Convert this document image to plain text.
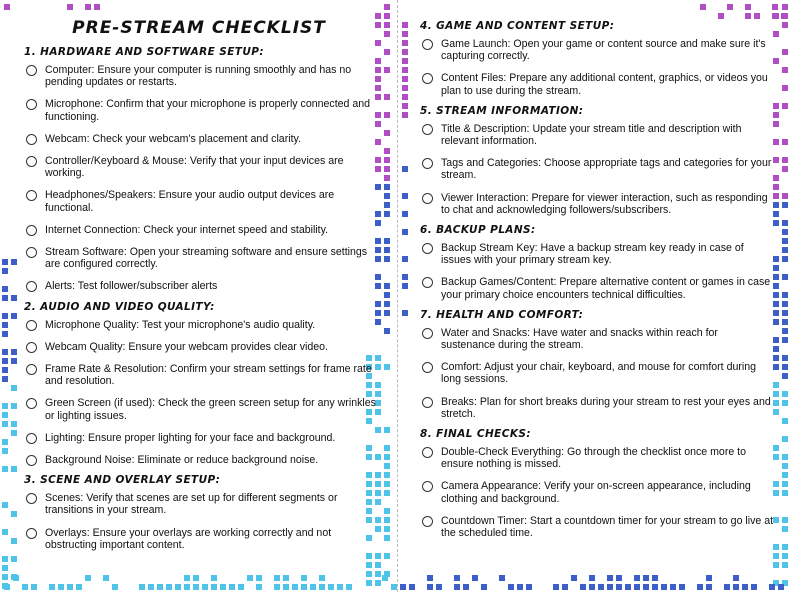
PRE-STREAM CHECKLIST
1. HARDWARE AND SOFTWARE SETUP:
Computer: Ensure your computer is running smoothly and has no pending updates or restarts.
Microphone: Confirm that your microphone is properly connected and functioning.
Webcam: Check your webcam's placement and clarity.
Controller/Keyboard & Mouse: Verify that your input devices are working.
Headphones/Speakers: Ensure your audio output devices are functional.
Internet Connection: Check your internet speed and stability.
Stream Software: Open your streaming software and ensure settings are configured correctly.
Alerts: Test follower/subscriber alerts
2. AUDIO AND VIDEO QUALITY:
Microphone Quality: Test your microphone's audio quality.
Webcam Quality: Ensure your webcam provides clear video.
Frame Rate & Resolution: Confirm your stream settings for frame rate and resolution.
Green Screen (if used): Check the green screen setup for any wrinkles or lighting issues.
Lighting: Ensure proper lighting for your face and background.
Background Noise: Eliminate or reduce background noise.
3. SCENE AND OVERLAY SETUP:
Scenes: Verify that scenes are set up for different segments or transitions in your stream.
Overlays: Ensure your overlays are working correctly and not obstructing important content.
4. GAME AND CONTENT SETUP:
Game Launch: Open your game or content source and make sure it's capturing correctly.
Content Files: Prepare any additional content, graphics, or videos you plan to use during the stream.
5. STREAM INFORMATION:
Title & Description: Update your stream title and description with relevant information.
Tags and Categories: Choose appropriate tags and categories for your stream.
Viewer Interaction: Prepare for viewer interaction, such as responding to chat and acknowledging followers/subscribers.
6. BACKUP PLANS:
Backup Stream Key: Have a backup stream key ready in case of issues with your primary stream key.
Backup Games/Content: Prepare alternative content or games in case your primary choice encounters technical difficulties.
7. HEALTH AND COMFORT:
Water and Snacks: Have water and snacks within reach for sustenance during the stream.
Comfort: Adjust your chair, keyboard, and mouse for comfort during long sessions.
Breaks: Plan for short breaks during your stream to rest your eyes and stretch.
8. FINAL CHECKS:
Double-Check Everything: Go through the checklist once more to ensure nothing is missed.
Camera Appearance: Verify your on-screen appearance, including clothing and background.
Countdown Timer: Start a countdown timer for your stream to go live at the scheduled time.
